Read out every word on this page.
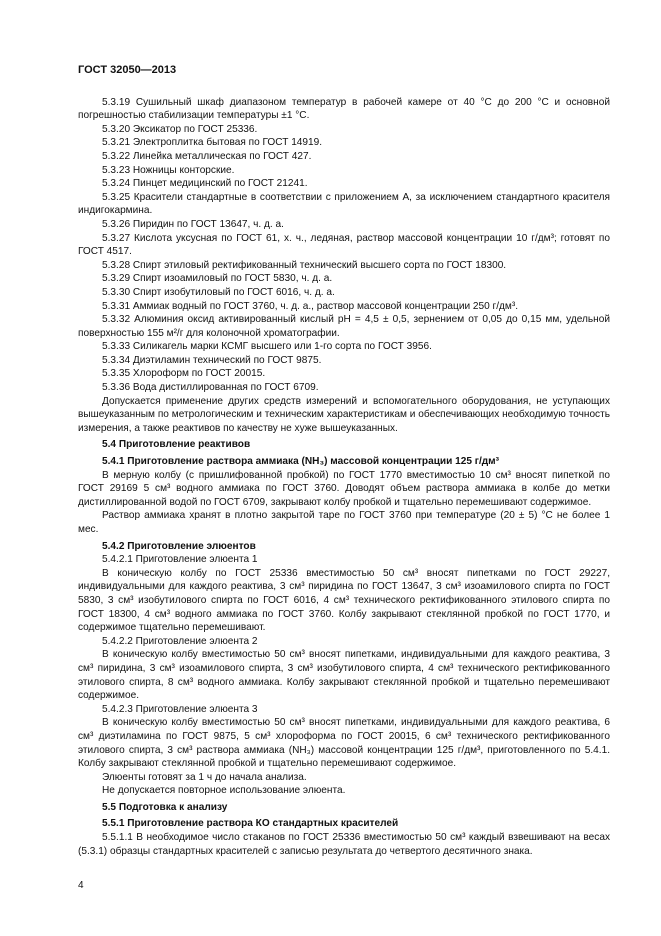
ГОСТ 32050—2013

5.3.19 Сушильный шкаф диапазоном температур в рабочей камере от 40 °С до 200 °С и основной погрешностью стабилизации температуры ±1 °С.

5.3.20 Эксикатор по ГОСТ 25336.

5.3.21 Электроплитка бытовая по ГОСТ 14919.

5.3.22 Линейка металлическая по ГОСТ 427.

5.3.23 Ножницы конторские.

5.3.24 Пинцет медицинский по ГОСТ 21241.

5.3.25 Красители стандартные в соответствии с приложением А, за исключением стандартного красителя индигокармина.

5.3.26 Пиридин по ГОСТ 13647, ч. д. а.

5.3.27 Кислота уксусная по ГОСТ 61, х. ч., ледяная, раствор массовой концентрации 10 г/дм³; готовят по ГОСТ 4517.

5.3.28 Спирт этиловый ректификованный технический высшего сорта по ГОСТ 18300.

5.3.29 Спирт изоамиловый по ГОСТ 5830, ч. д. а.

5.3.30 Спирт изобутиловый по ГОСТ 6016, ч. д. а.

5.3.31 Аммиак водный по ГОСТ 3760, ч. д. а., раствор массовой концентрации 250 г/дм³.

5.3.32 Алюминия оксид активированный кислый рН = 4,5 ± 0,5, зернением от 0,05 до 0,15 мм, удельной поверхностью 155 м²/г для колоночной хроматографии.

5.3.33 Силикагель марки КСМГ высшего или 1-го сорта по ГОСТ 3956.

5.3.34 Диэтиламин технический по ГОСТ 9875.

5.3.35 Хлороформ по ГОСТ 20015.

5.3.36 Вода дистиллированная по ГОСТ 6709.

Допускается применение других средств измерений и вспомогательного оборудования, не уступающих вышеуказанным по метрологическим и техническим характеристикам и обеспечивающих необходимую точность измерения, а также реактивов по качеству не хуже вышеуказанных.

5.4 Приготовление реактивов

5.4.1 Приготовление раствора аммиака (NH₃) массовой концентрации 125 г/дм³

В мерную колбу (с пришлифованной пробкой) по ГОСТ 1770 вместимостью 10 см³ вносят пипеткой по ГОСТ 29169 5 см³ водного аммиака по ГОСТ 3760. Доводят объем раствора аммиака в колбе до метки дистиллированной водой по ГОСТ 6709, закрывают колбу пробкой и тщательно перемешивают содержимое.

Раствор аммиака хранят в плотно закрытой таре по ГОСТ 3760 при температуре (20 ± 5) °С не более 1 мес.

5.4.2 Приготовление элюентов

5.4.2.1 Приготовление элюента 1

В коническую колбу по ГОСТ 25336 вместимостью 50 см³ вносят пипетками по ГОСТ 29227, индивидуальными для каждого реактива, 3 см³ пиридина по ГОСТ 13647, 3 см³ изоамилового спирта по ГОСТ 5830, 3 см³ изобутилового спирта по ГОСТ 6016, 4 см³ технического ректификованного этилового спирта по ГОСТ 18300, 4 см³ водного аммиака по ГОСТ 3760. Колбу закрывают стеклянной пробкой по ГОСТ 1770, и содержимое тщательно перемешивают.

5.4.2.2 Приготовление элюента 2

В коническую колбу вместимостью 50 см³ вносят пипетками, индивидуальными для каждого реактива, 3 см³ пиридина, 3 см³ изоамилового спирта, 3 см³ изобутилового спирта, 4 см³ технического ректификованного этилового спирта, 8 см³ водного аммиака. Колбу закрывают стеклянной пробкой и тщательно перемешивают содержимое.

5.4.2.3 Приготовление элюента 3

В коническую колбу вместимостью 50 см³ вносят пипетками, индивидуальными для каждого реактива, 6 см³ диэтиламина по ГОСТ 9875, 5 см³ хлороформа по ГОСТ 20015, 6 см³ технического ректификованного этилового спирта, 3 см³ раствора аммиака (NH₃) массовой концентрации 125 г/дм³, приготовленного по 5.4.1. Колбу закрывают стеклянной пробкой и тщательно перемешивают содержимое.

Элюенты готовят за 1 ч до начала анализа.

Не допускается повторное использование элюента.

5.5 Подготовка к анализу

5.5.1 Приготовление раствора КО стандартных красителей

5.5.1.1 В необходимое число стаканов по ГОСТ 25336 вместимостью 50 см³ каждый взвешивают на весах (5.3.1) образцы стандартных красителей с записью результата до четвертого десятичного знака.

4
